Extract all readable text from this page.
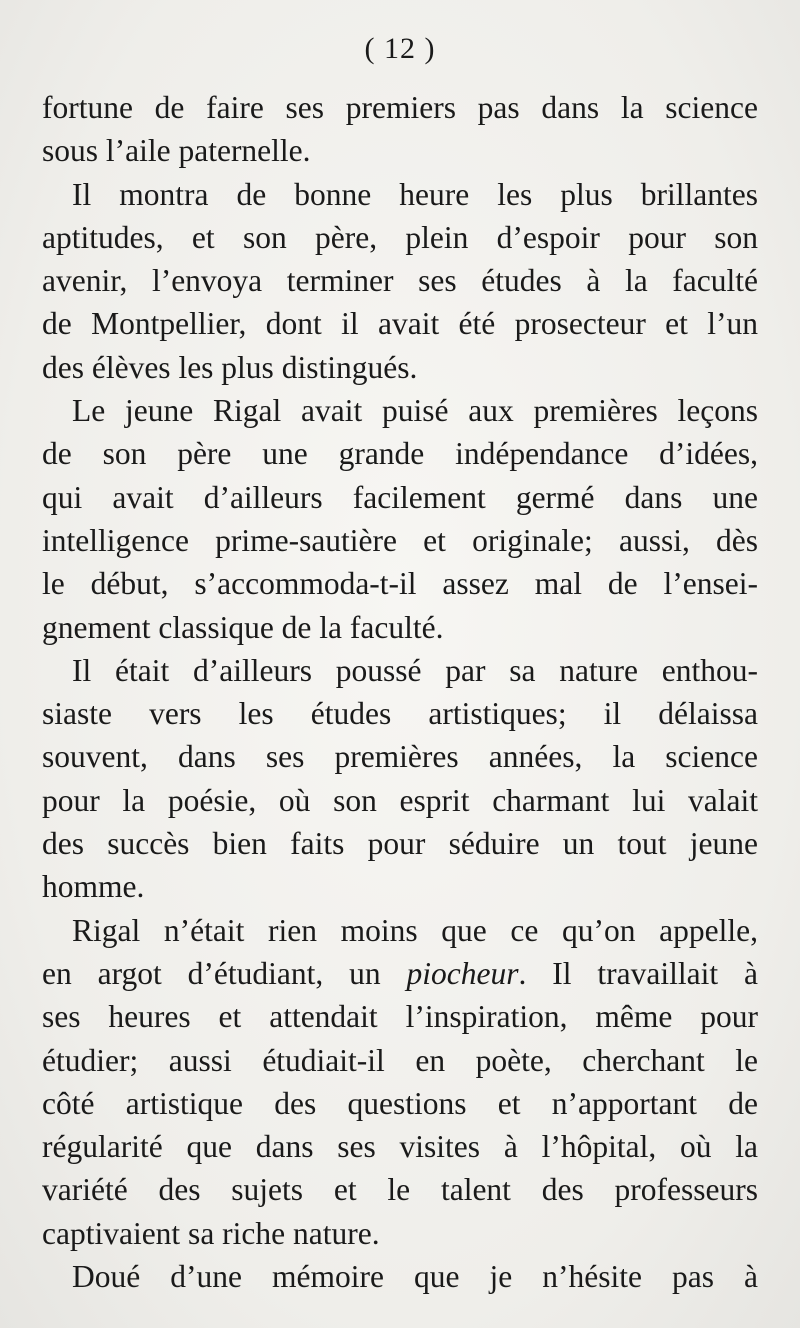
( 12 )
fortune de faire ses premiers pas dans la science
sous l’aile paternelle.
Il montra de bonne heure les plus brillantes
aptitudes, et son père, plein d’espoir pour son
avenir, l’envoya terminer ses études à la faculté
de Montpellier, dont il avait été prosecteur et l’un
des élèves les plus distingués.
Le jeune Rigal avait puisé aux premières leçons
de son père une grande indépendance d’idées,
qui avait d’ailleurs facilement germé dans une
intelligence prime-sautière et originale; aussi, dès
le début, s’accommoda-t-il assez mal de l’ensei-
gnement classique de la faculté.
Il était d’ailleurs poussé par sa nature enthou-
siaste vers les études artistiques; il délaissa
souvent, dans ses premières années, la science
pour la poésie, où son esprit charmant lui valait
des succès bien faits pour séduire un tout jeune
homme.
Rigal n’était rien moins que ce qu’on appelle,
en argot d’étudiant, un piocheur. Il travaillait à
ses heures et attendait l’inspiration, même pour
étudier; aussi étudiait-il en poète, cherchant le
côté artistique des questions et n’apportant de
régularité que dans ses visites à l’hôpital, où la
variété des sujets et le talent des professeurs
captivaient sa riche nature.
Doué d’une mémoire que je n’hésite pas à
